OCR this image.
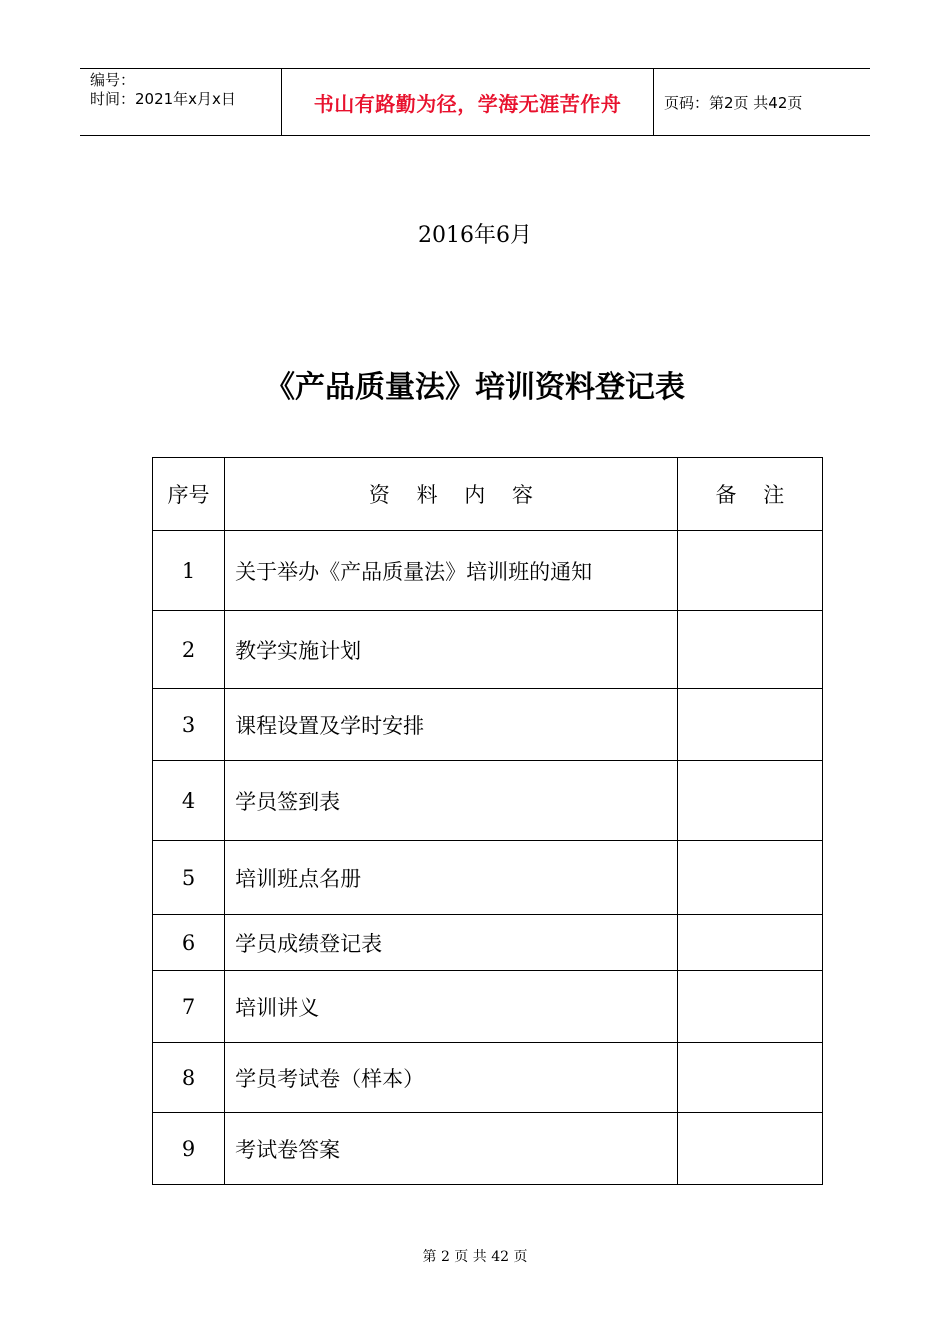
编号：
时间：2021年x月x日	书山有路勤为径，学海无涯苦作舟	页码：第2页 共42页
2016年6月
《产品质量法》培训资料登记表
序号	资    料    内    容	备    注
1	关于举办《产品质量法》培训班的通知	
2	教学实施计划	
3	课程设置及学时安排	
4	学员签到表	
5	培训班点名册	
6	学员成绩登记表	
7	培训讲义	
8	学员考试卷（样本）	
9	考试卷答案	
第 2 页 共 42 页
